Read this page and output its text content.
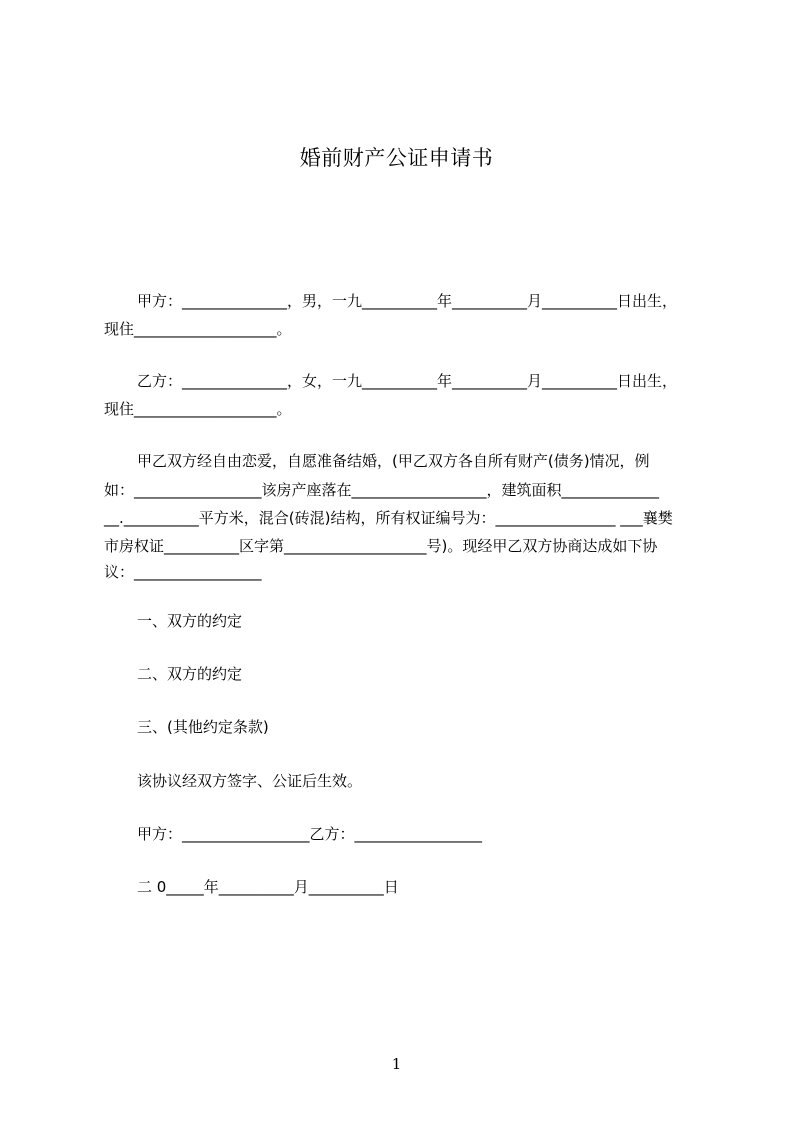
婚前财产公证申请书
甲方：______________，男，一九__________年__________月__________日出生，
现住___________________。
乙方：______________，女，一九__________年__________月__________日出生，
现住___________________。
甲乙双方经自由恋爱，自愿准备结婚，(甲乙双方各自所有财产(债务)情况，例
如：_________________该房产座落在__________________，建筑面积_____________
__.__________平方米，混合(砖混)结构，所有权证编号为：________________ ___襄樊
市房权证__________区字第___________________号)。现经甲乙双方协商达成如下协
议：_________________
一、双方的约定
二、双方的约定
三、(其他约定条款)
该协议经双方签字、公证后生效。
甲方：_________________乙方：_________________
二 0_____年__________月__________日
1
